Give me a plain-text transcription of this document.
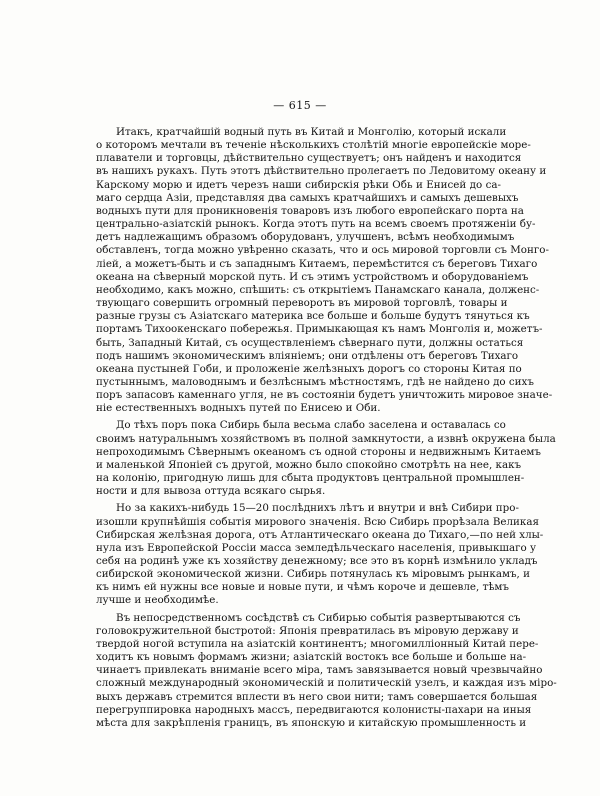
— 615 —
Итакъ, кратчайшій водный путь въ Китай и Монголію, который искали
о которомъ мечтали въ теченіе нѣсколькихъ столѣтій многіе европейскіе море-
плаватели и торговцы, дѣйствительно существуетъ; онъ найденъ и находится
въ нашихъ рукахъ. Путь этотъ дѣйствительно пролегаетъ по Ледовитому океану и
Карскому морю и идетъ черезъ наши сибирскія рѣки Обь и Енисей до са-
маго сердца Азіи, представляя два самыхъ кратчайшихъ и самыхъ дешевыхъ
водныхъ пути для проникновенія товаровъ изъ любого европейскаго порта на
центрально-азіатскій рынокъ. Когда этотъ путь на всемъ своемъ протяженіи бу-
детъ надлежащимъ образомъ оборудованъ, улучшенъ, всѣмъ необходимымъ
обставленъ, тогда можно увѣренно сказать, что и ось мировой торговли съ Монго-
ліей, а можетъ-быть и съ западнымъ Китаемъ, перемѣстится съ береговъ Тихаго
океана на сѣверный морской путь. И съ этимъ устройствомъ и оборудованіемъ
необходимо, какъ можно, спѣшить: съ открытіемъ Панамскаго канала, долженс-
твующаго совершить огромный переворотъ въ мировой торговлѣ, товары и
разные грузы съ Азіатскаго материка все больше и больше будутъ тянуться къ
портамъ Тихоокенскаго побережья. Примыкающая къ намъ Монголія и, можетъ-
быть, Западный Китай, съ осуществленіемъ сѣвернаго пути, должны остаться
подъ нашимъ экономическимъ вліяніемъ; они отдѣлены отъ береговъ Тихаго
океана пустыней Гоби, и проложеніе желѣзныхъ дорогъ со стороны Китая по
пустыннымъ, маловоднымъ и безлѣснымъ мѣстностямъ, гдѣ не найдено до сихъ
поръ запасовъ каменнаго угля, не въ состояніи будетъ уничтожить мировое значе-
ніе естественныхъ водныхъ путей по Енисею и Оби.
До тѣхъ поръ пока Сибирь была весьма слабо заселена и оставалась со
своимъ натуральнымъ хозяйствомъ въ полной замкнутости, а извнѣ окружена была
непроходимымъ Сѣвернымъ океаномъ съ одной стороны и недвижнымъ Китаемъ
и маленькой Японіей съ другой, можно было спокойно смотрѣть на нее, какъ
на колонію, пригодную лишь для сбыта продуктовъ центральной промышлен-
ности и для вывоза оттуда всякаго сырья.
Но за какихъ-нибудь 15—20 послѣднихъ лѣтъ и внутри и внѣ Сибири про-
изошли крупнѣйшія событія мирового значенія. Всю Сибирь прорѣзала Великая
Сибирская желѣзная дорога, отъ Атлантическаго океана до Тихаго,—по ней хлы-
нула изъ Европейской Россіи масса земледѣльческаго населенія, привыкшаго у
себя на родинѣ уже къ хозяйству денежному; все это въ корнѣ измѣнило укладъ
сибирской экономической жизни. Сибирь потянулась къ міровымъ рынкамъ, и
къ нимъ ей нужны все новые и новые пути, и чѣмъ короче и дешевле, тѣмъ
лучше и необходимѣе.
Въ непосредственномъ сосѣдствѣ съ Сибирью событія развертываются съ
головокружительной быстротой: Японія превратилась въ міровую державу и
твердой ногой вступила на азіатскій континентъ; многомилліонный Китай пере-
ходитъ къ новымъ формамъ жизни; азіатскій востокъ все больше и больше на-
чинаетъ привлекать вниманіе всего міра, тамъ завязывается новый чрезвычайно
сложный международный экономическій и политическій узелъ, и каждая изъ міро-
выхъ державъ стремится вплести въ него свои нити; тамъ совершается большая
перегруппировка народныхъ массъ, передвигаются колонисты-пахари на иныя
мѣста для закрѣпленія границъ, въ японскую и китайскую промышленность и
